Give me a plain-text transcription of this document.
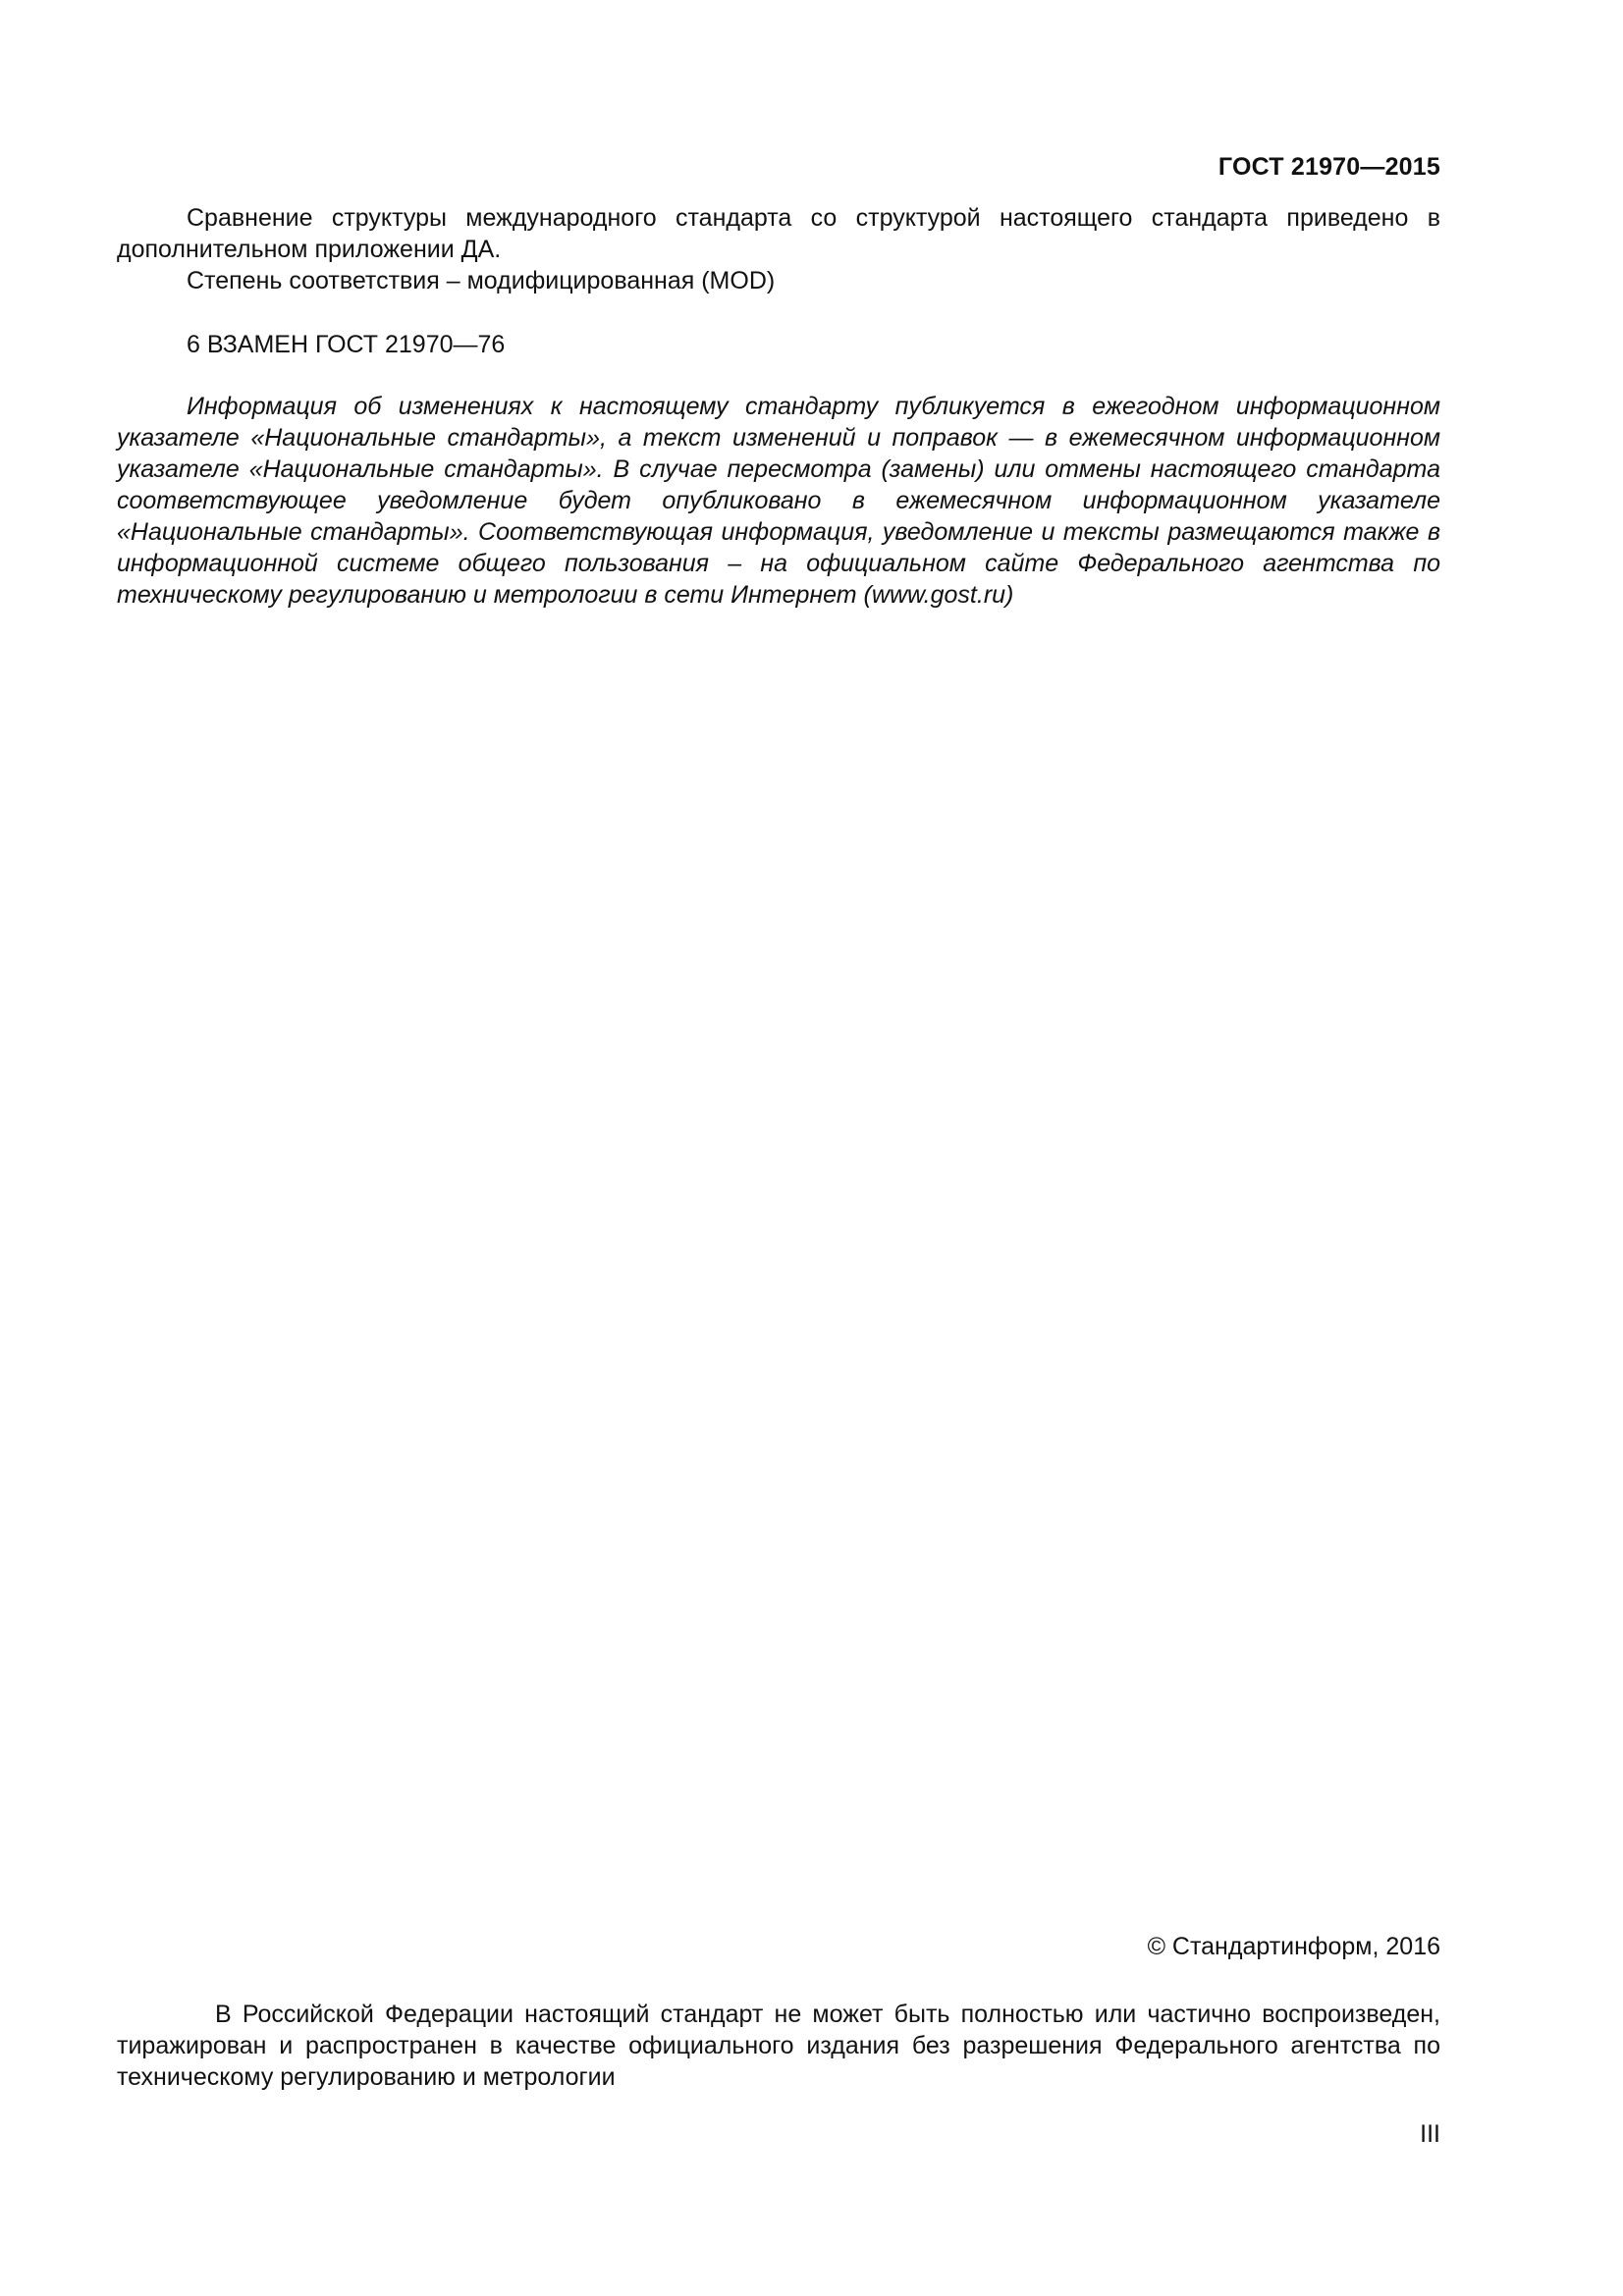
ГОСТ 21970—2015

Сравнение структуры международного стандарта со структурой настоящего стандарта приведено в дополнительном приложении ДА.

Степень соответствия – модифицированная (MOD)

6 ВЗАМЕН ГОСТ 21970—76

Информация об изменениях к настоящему стандарту публикуется в ежегодном информационном указателе «Национальные стандарты», а текст изменений и поправок — в ежемесячном информационном указателе «Национальные стандарты». В случае пересмотра (замены) или отмены настоящего стандарта соответствующее уведомление будет опубликовано в ежемесячном информационном указателе «Национальные стандарты». Соответствующая информация, уведомление и тексты размещаются также в информационной системе общего пользования – на официальном сайте Федерального агентства по техническому регулированию и метрологии в сети Интернет (www.gost.ru)

© Стандартинформ, 2016

В Российской Федерации настоящий стандарт не может быть полностью или частично воспроизведен, тиражирован и распространен в качестве официального издания без разрешения Федерального агентства по техническому регулированию и метрологии

III
